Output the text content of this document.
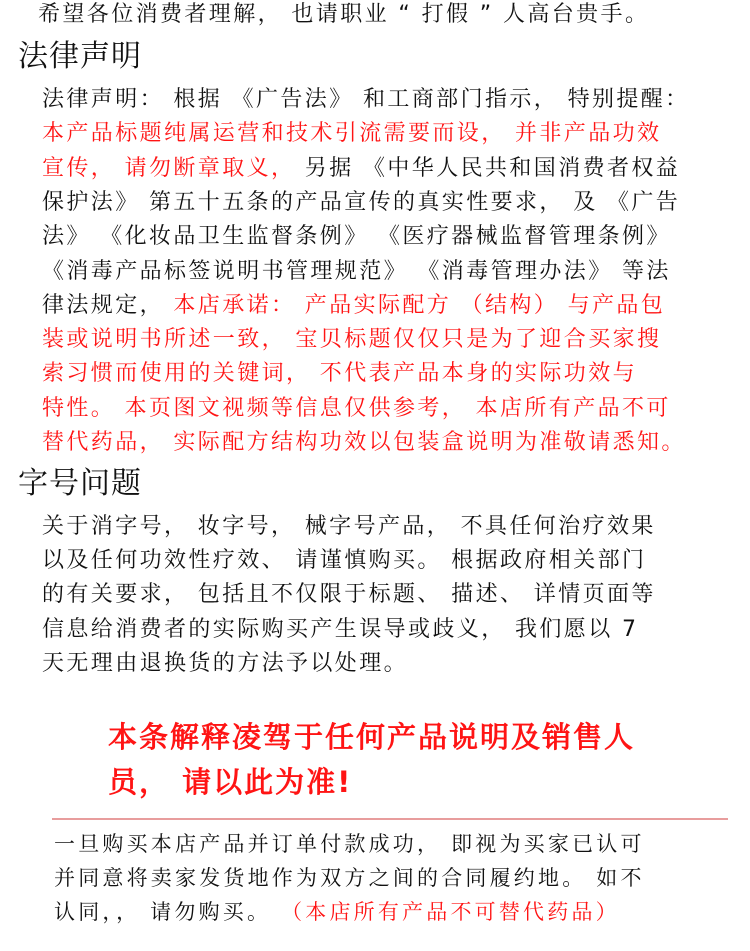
希望各位消费者理解， 也请职业 “ 打假 ” 人高台贵手。
法律声明
法律声明： 根据 《广告法》 和工商部门指示， 特别提醒：
本产品标题纯属运营和技术引流需要而设， 并非产品功效
宣传， 请勿断章取义， 另据 《中华人民共和国消费者权益
保护法》 第五十五条的产品宣传的真实性要求， 及 《广告
法》 《化妆品卫生监督条例》 《医疗器械监督管理条例》
《消毒产品标签说明书管理规范》 《消毒管理办法》 等法
律法规定， 本店承诺： 产品实际配方 （结构） 与产品包
装或说明书所述一致， 宝贝标题仅仅只是为了迎合买家搜
索习惯而使用的关键词， 不代表产品本身的实际功效与
特性。 本页图文视频等信息仅供参考， 本店所有产品不可
替代药品， 实际配方结构功效以包装盒说明为准敬请悉知。
字号问题
关于消字号， 妆字号， 械字号产品， 不具任何治疗效果
以及任何功效性疗效、 请谨慎购买。 根据政府相关部门
的有关要求， 包括且不仅限于标题、 描述、 详情页面等
信息给消费者的实际购买产生误导或歧义， 我们愿以 7
天无理由退换货的方法予以处理。
本条解释凌驾于任何产品说明及销售人
员， 请以此为准!
一旦购买本店产品并订单付款成功， 即视为买家已认可
并同意将卖家发货地作为双方之间的合同履约地。 如不
认同，， 请勿购买。 （本店所有产品不可替代药品）
